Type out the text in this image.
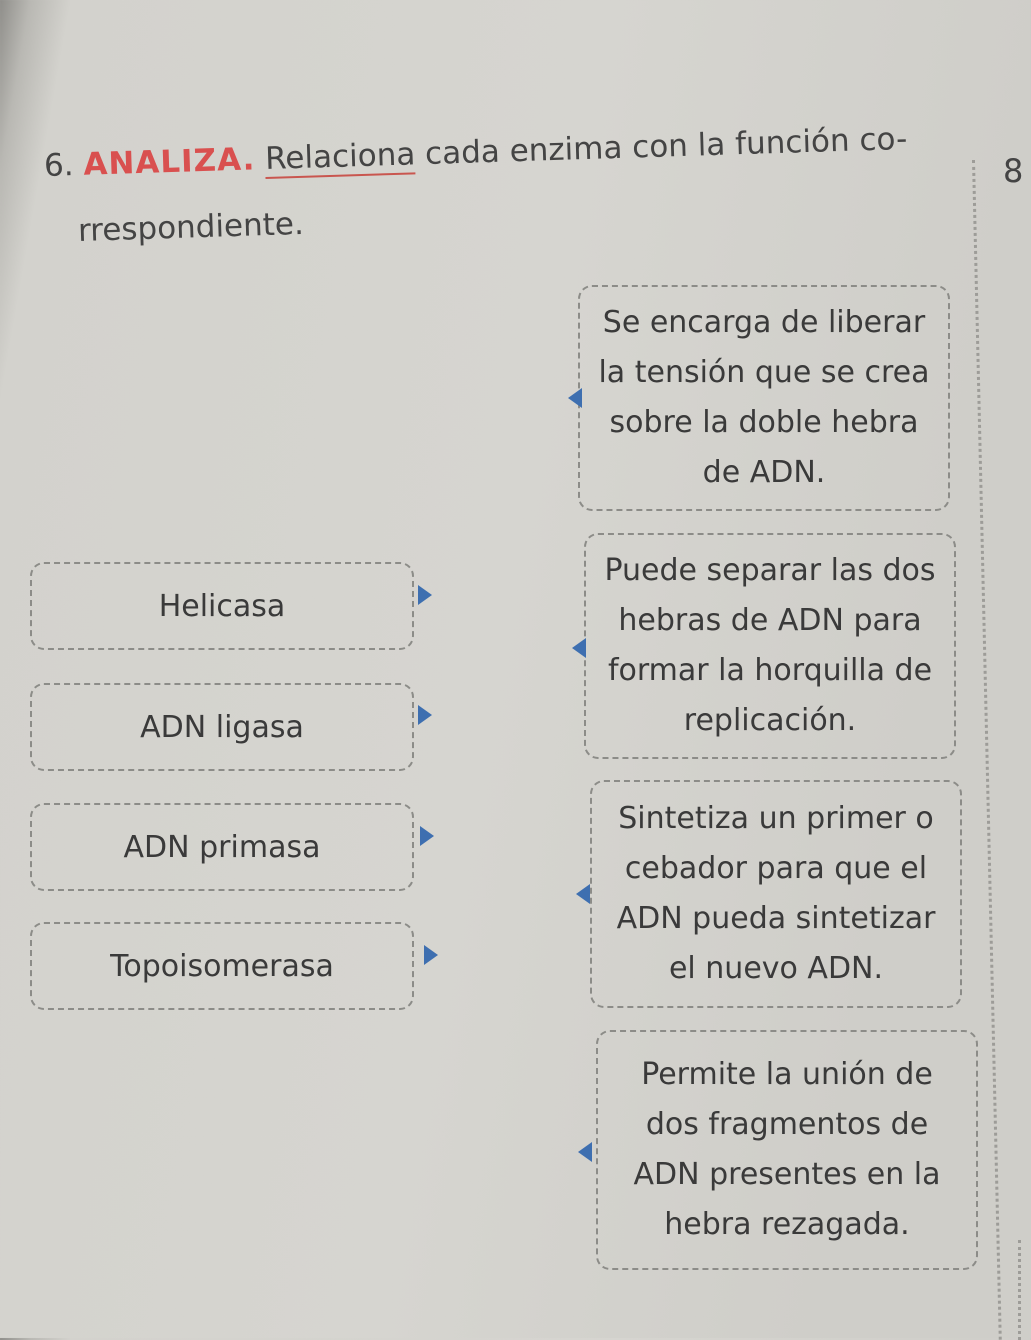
6. ANALIZA. Relaciona cada enzima con la función co-
rrespondiente.
8
Helicasa
ADN ligasa
ADN primasa
Topoisomerasa
Se encarga de liberar
la tensión que se crea
sobre la doble hebra
de ADN.
Puede separar las dos
hebras de ADN para
formar la horquilla de
replicación.
Sintetiza un primer o
cebador para que el
ADN pueda sintetizar
el nuevo ADN.
Permite la unión de
dos fragmentos de
ADN presentes en la
hebra rezagada.
